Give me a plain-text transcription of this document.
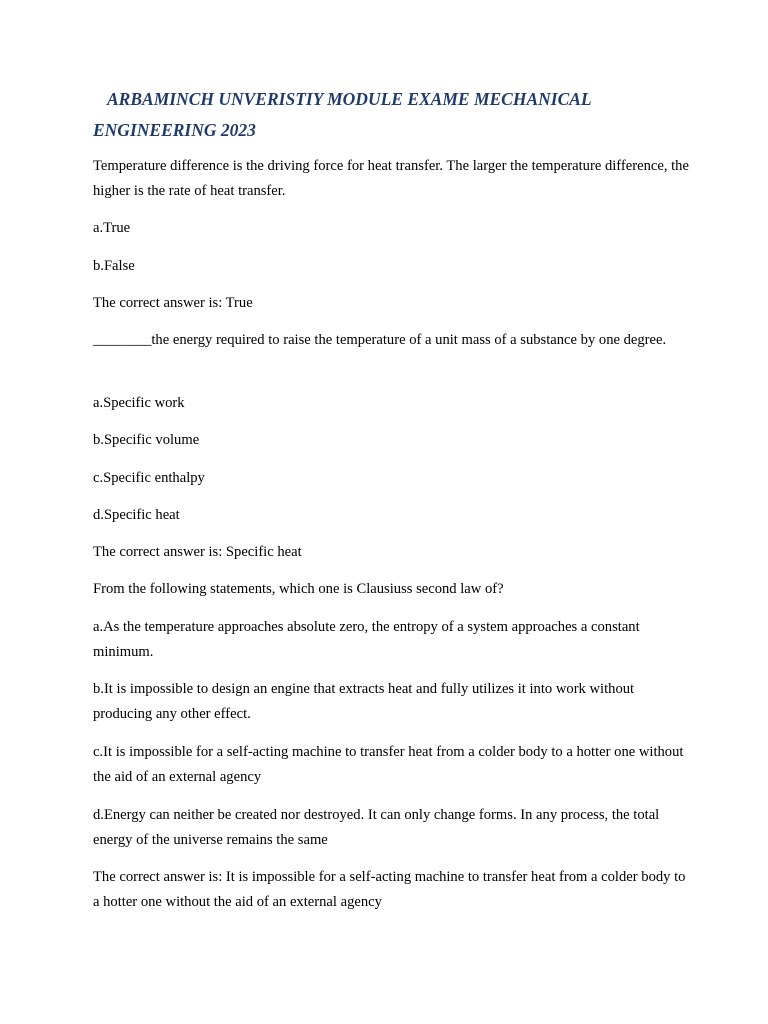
ARBAMINCH UNVERISTIY MODULE EXAME MECHANICAL ENGINEERING 2023

Temperature difference is the driving force for heat transfer. The larger the temperature difference, the higher is the rate of heat transfer.

a.True

b.False

The correct answer is: True

________the energy required to raise the temperature of a unit mass of a substance by one degree.

a.Specific work

b.Specific volume

c.Specific enthalpy

d.Specific heat

The correct answer is: Specific heat

From the following statements, which one is Clausiuss second law of?

a.As the temperature approaches absolute zero, the entropy of a system approaches a constant minimum.

b.It is impossible to design an engine that extracts heat and fully utilizes it into work without producing any other effect.

c.It is impossible for a self-acting machine to transfer heat from a colder body to a hotter one without the aid of an external agency

d.Energy can neither be created nor destroyed. It can only change forms. In any process, the total energy of the universe remains the same

The correct answer is: It is impossible for a self-acting machine to transfer heat from a colder body to a hotter one without the aid of an external agency
